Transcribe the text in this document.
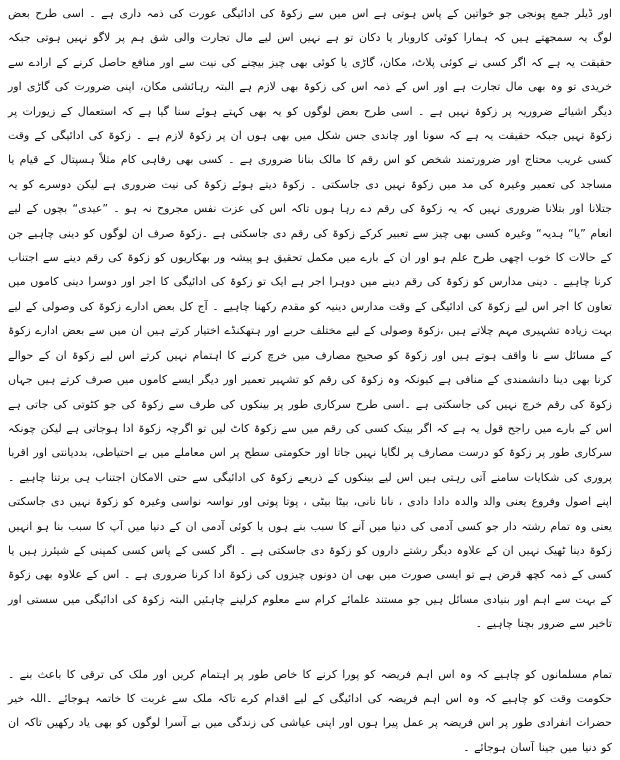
اور ڈیلر جمع پونجی جو خواتین کے پاس ہوتی ہے اس میں سے زکوۃ کی ادائیگی عورت کی ذمہ داری ہے ۔ اسی طرح بعض لوگ یہ سمجھتے ہیں کہ ہمارا کوئی کاروبار یا دکان تو ہے نہیں اس لیے مال تجارت والی شق ہم پر لاگو نہیں ہوتی جبکہ حقیقت یہ ہے کہ اگر کسی نے کوئی پلاٹ، مکان، گاڑی یا کوئی بھی چیز بیچنے کی نیت سے اور منافع حاصل کرنے کے ارادے سے خریدی تو وہ بھی مال تجارت ہے اور اس کے ذمہ اس کی زکوۃ بھی لازم ہے البتہ رہائشی مکان، اپنی ضرورت کی گاڑی اور دیگر اشیائے ضروریہ پر زکوۃ نہیں ہے ۔ اسی طرح بعض لوگوں کو یہ بھی کہتے ہوئے سنا گیا ہے کہ استعمال کے زیورات پر زکوۃ نہیں جبکہ حقیقت یہ ہے کہ سونا اور چاندی جس شکل میں بھی ہوں ان پر زکوۃ لازم ہے ۔ زکوۃ کی ادائیگی کے وقت کسی غریب محتاج اور ضرورتمند شخص کو اس رقم کا مالک بنانا ضروری ہے ۔ کسی بھی رفاہی کام مثلاً ہسپتال کے قیام یا مساجد کی تعمیر وغیرہ کی مد میں زکوۃ نہیں دی جاسکتی ۔ زکوۃ دیتے ہوئے زکوۃ کی نیت ضروری ہے لیکن دوسرے کو یہ جتلانا اور بتلانا ضروری نہیں کہ یہ زکوۃ کی رقم دے رہا ہوں تاکہ اس کی عزت نفس مجروح نہ ہو ۔ ”عیدی“ بچوں کے لیے انعام ”یا“ ہدیہ“ وغیرہ کسی بھی چیز سے تعبیر کرکے زکوۃ کی رقم دی جاسکتی ہے ۔زکوۃ صرف ان لوگوں کو دینی چاہیے جن کے حالات کا خوب اچھی طرح علم ہو اور ان کے بارے میں مکمل تحقیق ہو پیشہ ور بھکاریوں کو زکوۃ کی رقم دینے سے اجتناب کرنا چاہیے ۔ دینی مدارس کو زکوۃ کی رقم دینے میں دوہرا اجر ہے ایک تو زکوۃ کی ادائیگی کا اجر اور دوسرا دینی کاموں میں تعاون کا اجر اس لیے زکوۃ کی ادائیگی کے وقت مدارس دینیہ کو مقدم رکھنا چاہیے ۔ آج کل بعض ادارے زکوۃ کی وصولی کے لیے بہت زیادہ تشہیری مہم چلاتے ہیں ،زکوۃ وصولی کے لیے مختلف حربے اور ہتھکنڈے اختیار کرتے ہیں ان میں سے بعض ادارے زکوۃ کے مسائل سے نا واقف ہوتے ہیں اور زکوۃ کو صحیح مصارف میں خرچ کرنے کا اہتمام نہیں کرتے اس لیے زکوۃ ان کے حوالے کرنا بھی دینا دانشمندی کے منافی ہے کیونکہ وہ زکوۃ کی رقم کو تشہیر تعمیر اور دیگر ایسے کاموں میں صرف کرتے ہیں جہاں زکوۃ کی رقم خرچ نہیں کی جاسکتی ہے ۔اسی طرح سرکاری طور پر بینکوں کی طرف سے زکوۃ کی جو کٹوتی کی جاتی ہے اس کے بارے میں راجح قول یہ ہے کہ اگر بینک کسی کی رقم میں سے زکوۃ کاٹ لیں تو اگرچہ زکوۃ ادا ہوجاتی ہے لیکن چونکہ سرکاری طور پر زکوۃ کو درست مصارف پر لگایا نہیں جاتا اور حکومتی سطح پر اس معاملے میں بے احتیاطی، بددیانتی اور اقربا پروری کی شکایات سامنے آتی رہتی ہیں اس لیے بینکوں کے ذریعے زکوۃ کی ادائیگی سے حتی الامکان اجتناب ہی برتنا چاہیے ۔ اپنے اصول وفروع یعنی والد والدہ دادا دادی ، نانا نانی، بیٹا بیٹی ، پوتا پوتی اور نواسہ نواسی وغیرہ کو زکوۃ نہیں دی جاسکتی یعنی وہ تمام رشتہ دار جو کسی آدمی کی دنیا میں آنے کا سبب بنے ہوں یا کوئی آدمی ان کے دنیا میں آپ کا سبب بنا ہو انہیں زکوۃ دینا ٹھیک نہیں ان کے علاوہ دیگر رشتے داروں کو زکوۃ دی جاسکتی ہے ۔ اگر کسی کے پاس کسی کمپنی کے شیئرز ہیں یا کسی کے ذمہ کچھ قرض ہے تو ایسی صورت میں بھی ان دونوں چیزوں کی زکوۃ ادا کرنا ضروری ہے ۔ اس کے علاوہ بھی زکوۃ کے بہت سے اہم اور بنیادی مسائل ہیں جو مستند علمائے کرام سے معلوم کرلینے چاہئیں البتہ زکوۃ کی ادائیگی میں سستی اور تاخیر سے ضرور بچنا چاہیے ۔

تمام مسلمانوں کو چاہیے کہ وہ اس اہم فریضہ کو پورا کرنے کا خاص طور پر اہتمام کریں اور ملک کی ترقی کا باعث بنے ۔حکومت وقت کو چاہیے کہ وہ اس اہم فریضہ کی ادائیگی کے لیے اقدام کرے تاکہ ملک سے غربت کا خاتمہ ہوجائے ۔اللہ خیر حضرات انفرادی طور پر اس فریضہ پر عمل پیرا ہوں اور اپنی عیاشی کی زندگی میں بے آسرا لوگوں کو بھی یاد رکھیں تاکہ ان کو دنیا میں جینا آسان ہوجائے ۔
